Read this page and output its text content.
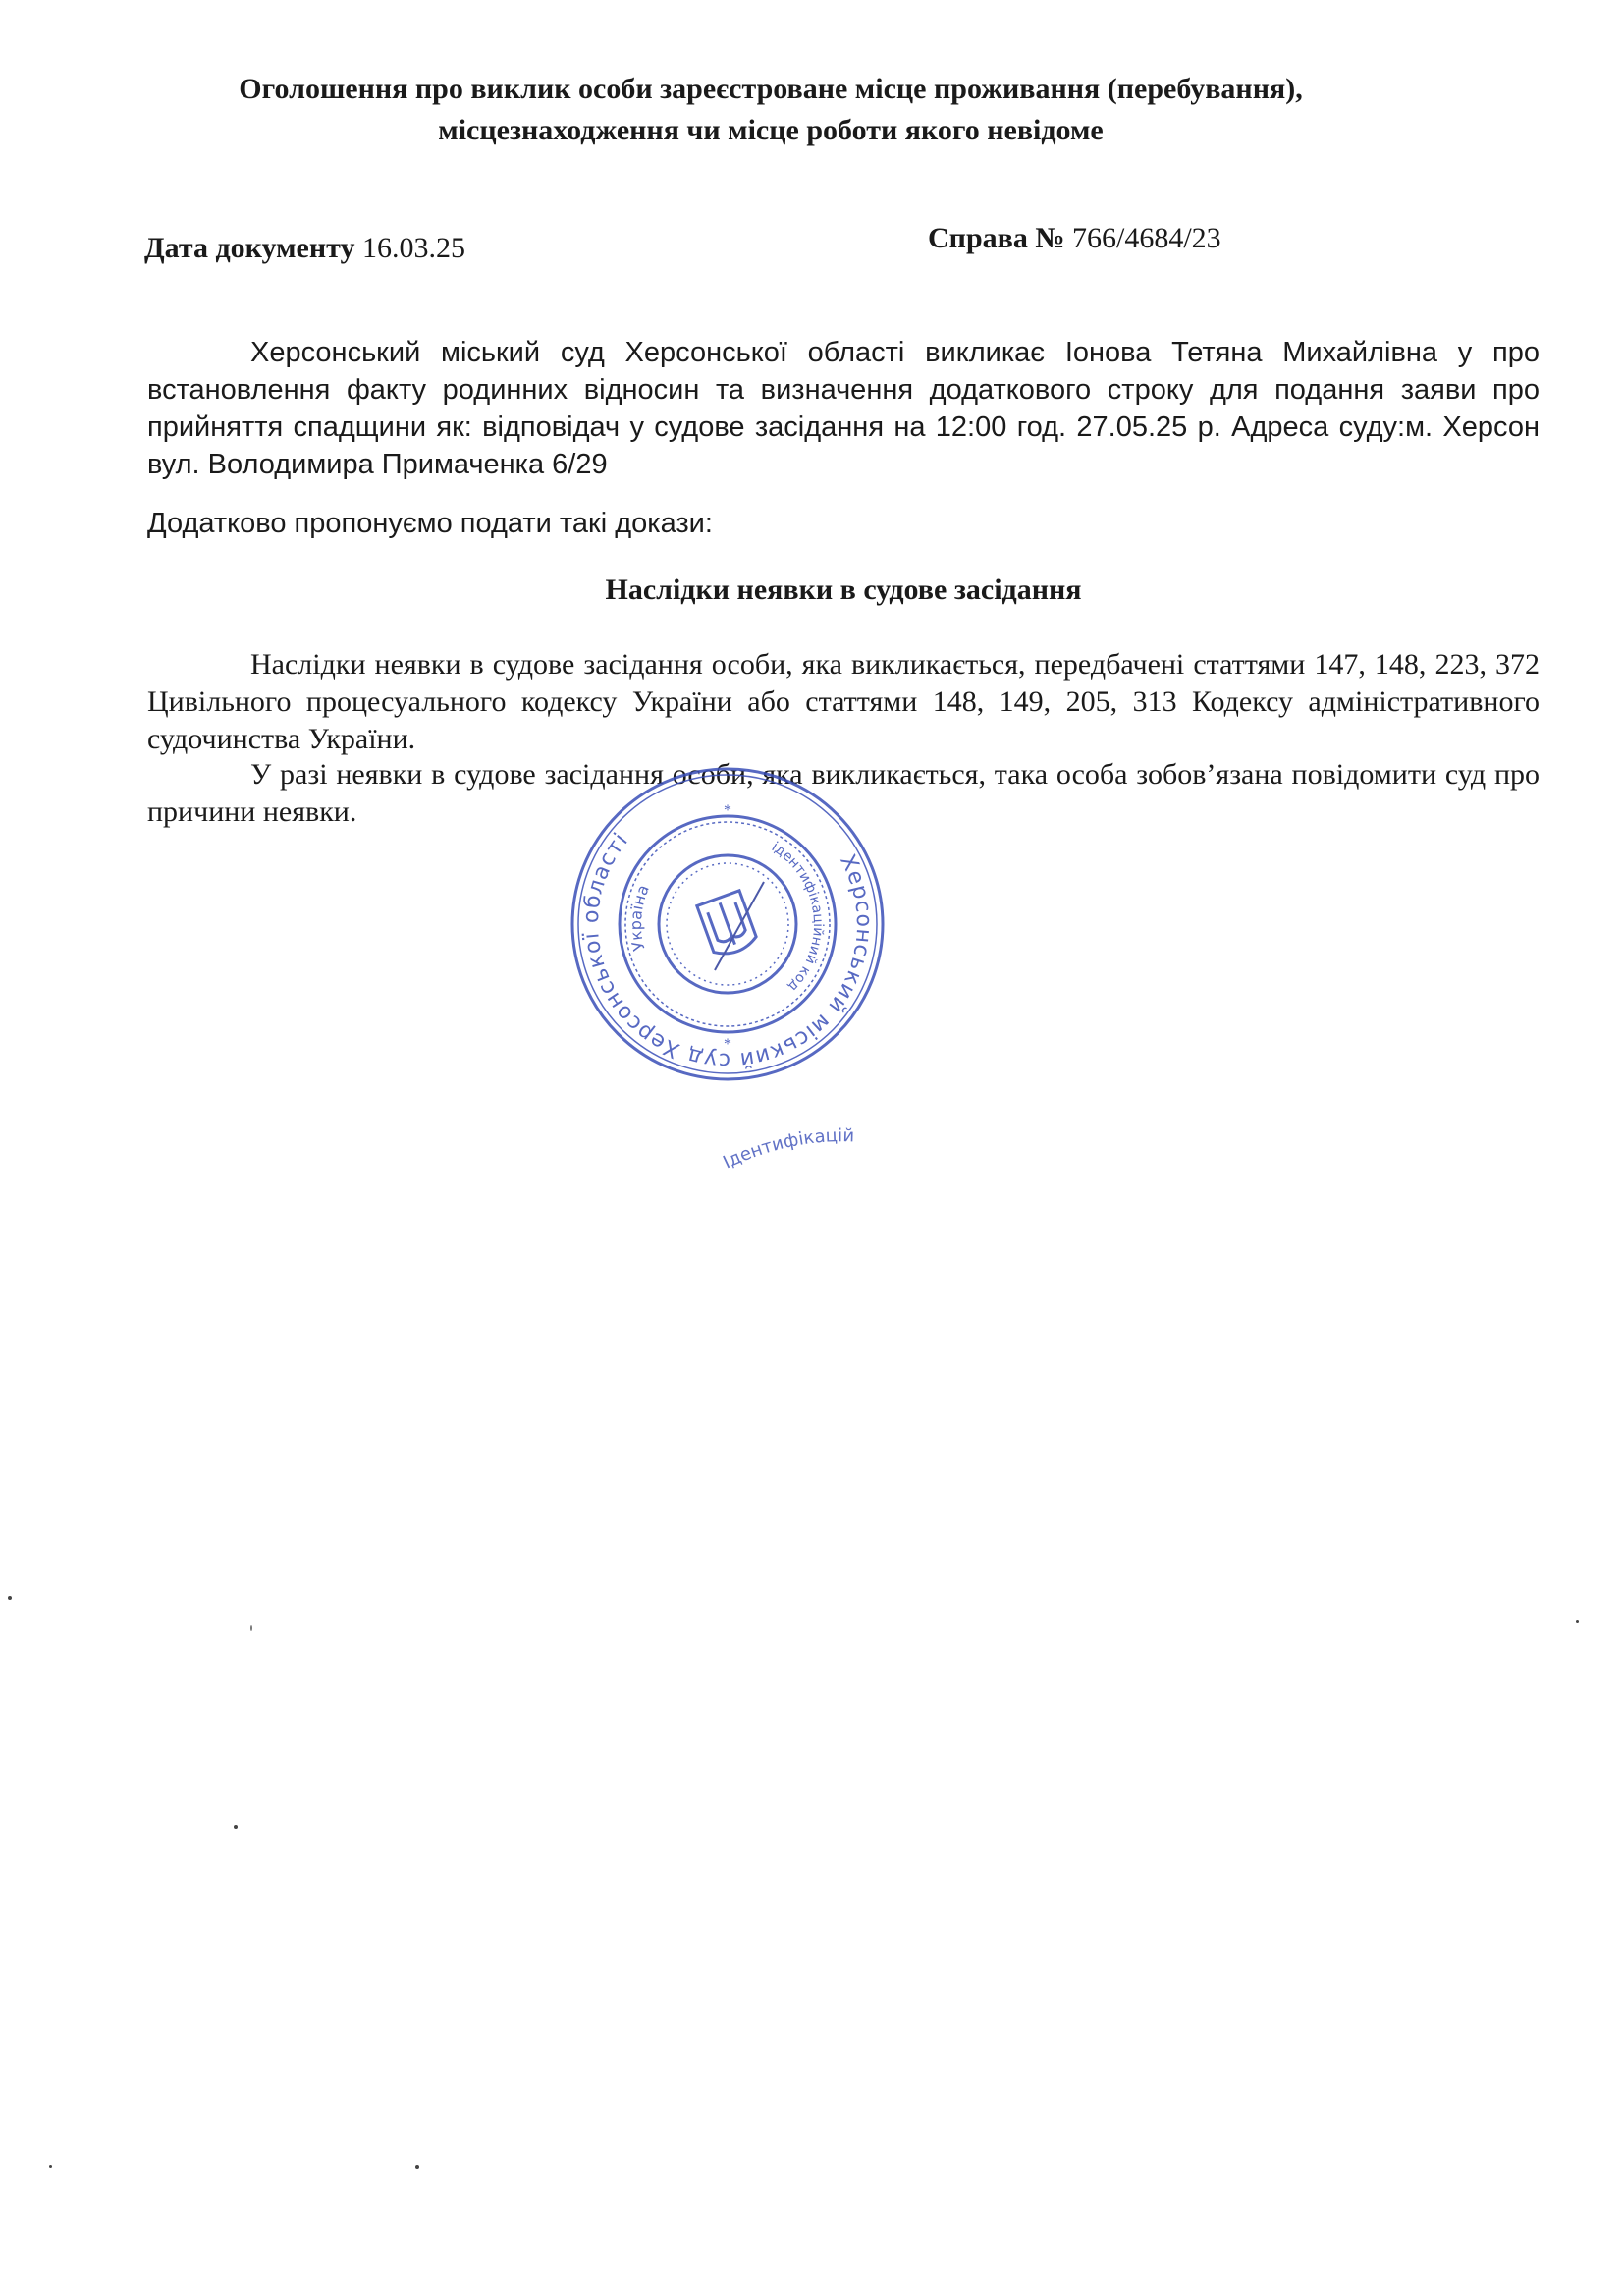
Оголошення про виклик особи зареєстроване місце проживання (перебування),
місцезнаходження чи місце роботи якого невідоме
Дата документу 16.03.25	Справа № 766/4684/23
Херсонський міський суд Херсонської області викликає Іонова Тетяна Михайлівна у про встановлення факту родинних відносин та визначення додаткового строку для подання заяви про прийняття спадщини як: відповідач у судове засідання на 12:00 год. 27.05.25 р. Адреса суду:м. Херсон вул. Володимира Примаченка 6/29
Додатково пропонуємо подати такі докази:
Наслідки неявки в судове засідання
Наслідки неявки в судове засідання особи, яка викликається, передбачені статтями 147, 148, 223, 372 Цивільного процесуального кодексу України або статтями 148, 149, 205, 313 Кодексу адміністративного судочинства України.
У разі неявки в судове засідання особи, яка викликається, така особа зобов’язана повідомити суд про причини неявки.
Херсонський міський суд Херсонської області	ідентифікаційний код
Україна
*
*
Ідентифікацій
